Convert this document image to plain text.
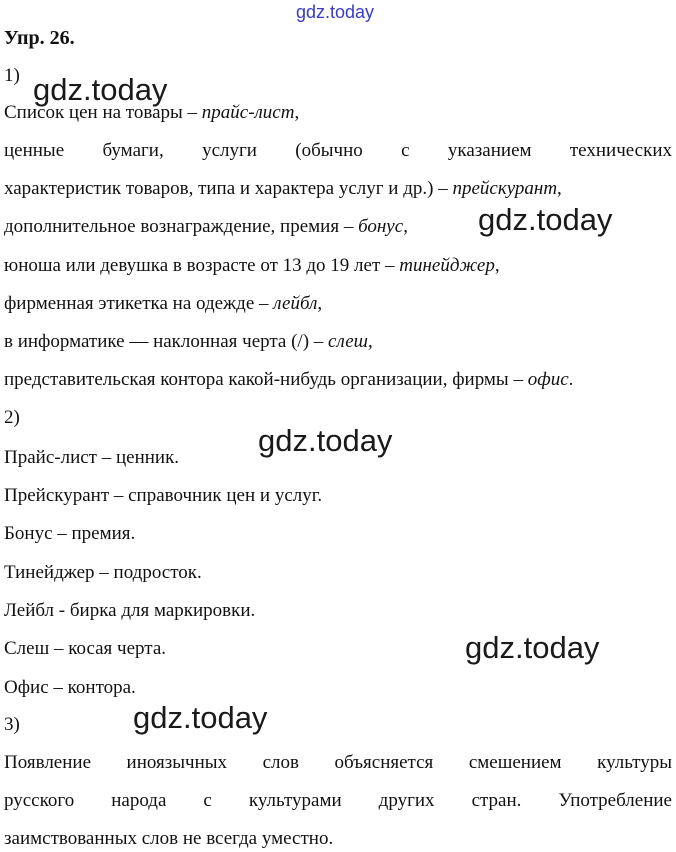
gdz.today
gdz.today
gdz.today
gdz.today
gdz.today
gdz.today
Упр. 26.
1)
Список цен на товары – прайс-лист,
ценные бумаги, услуги (обычно с указанием технических
характеристик товаров, типа и характера услуг и др.) – прейскурант,
дополнительное вознаграждение, премия – бонус,
юноша или девушка в возрасте от 13 до 19 лет – тинейджер,
фирменная этикетка на одежде – лейбл,
в информатике — наклонная черта (/) – слеш,
представительская контора какой-нибудь организации, фирмы – офис.
2)
Прайс-лист – ценник.
Прейскурант – справочник цен и услуг.
Бонус – премия.
Тинейджер – подросток.
Лейбл - бирка для маркировки.
Слеш – косая черта.
Офис – контора.
3)
Появление иноязычных слов объясняется смешением культуры
русского народа с культурами других стран. Употребление
заимствованных слов не всегда уместно.
